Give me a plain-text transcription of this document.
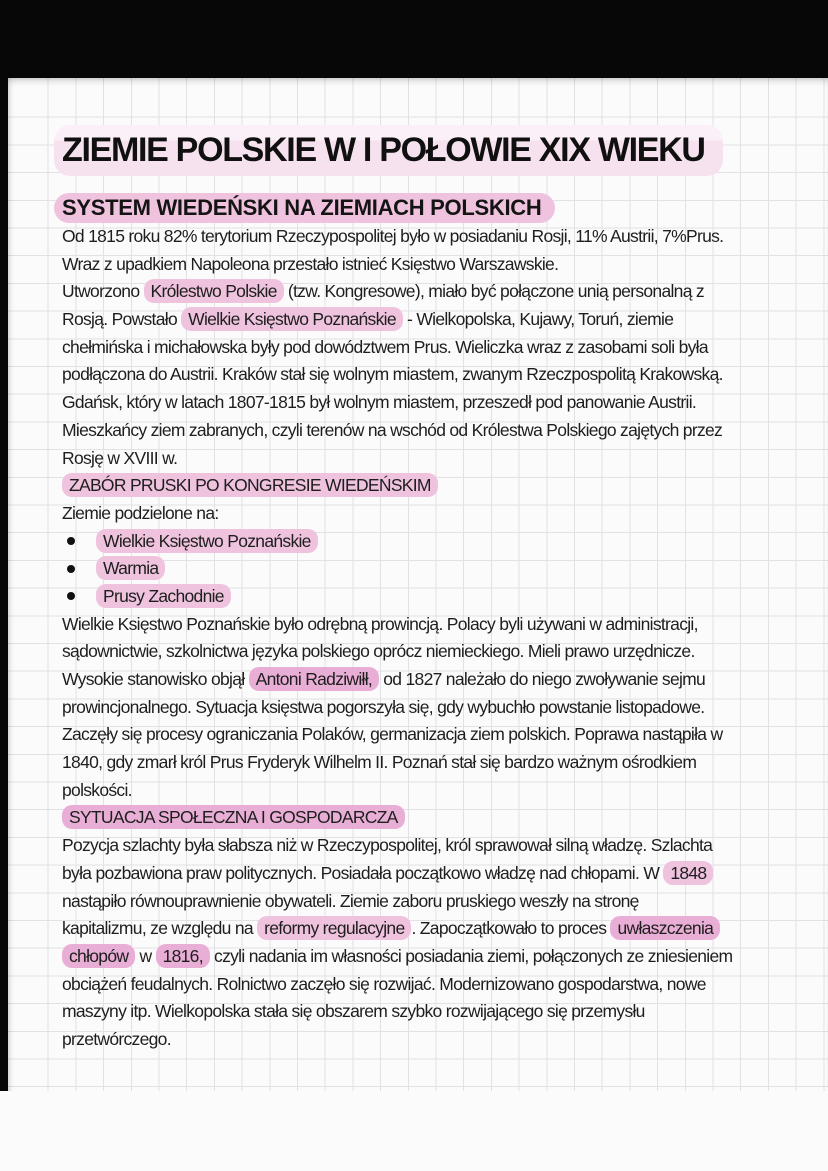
ZIEMIE POLSKIE W I POŁOWIE XIX WIEKU
SYSTEM WIEDEŃSKI NA ZIEMIACH POLSKICH
Od 1815 roku 82% terytorium Rzeczypospolitej było w posiadaniu Rosji, 11% Austrii, 7%Prus.
Wraz z upadkiem Napoleona przestało istnieć Księstwo Warszawskie.
Utworzono Królestwo Polskie (tzw. Kongresowe), miało być połączone unią personalną z
Rosją. Powstało Wielkie Księstwo Poznańskie - Wielkopolska, Kujawy, Toruń, ziemie
chełmińska i michałowska były pod dowództwem Prus. Wieliczka wraz z zasobami soli była
podłączona do Austrii. Kraków stał się wolnym miastem, zwanym Rzeczpospolitą Krakowską.
Gdańsk, który w latach 1807-1815 był wolnym miastem, przeszedł pod panowanie Austrii.
Mieszkańcy ziem zabranych, czyli terenów na wschód od Królestwa Polskiego zajętych przez
Rosję w XVIII w.
ZABÓR PRUSKI PO KONGRESIE WIEDEŃSKIM
Ziemie podzielone na:
Wielkie Księstwo Poznańskie
Warmia
Prusy Zachodnie
Wielkie Księstwo Poznańskie było odrębną prowincją. Polacy byli używani w administracji,
sądownictwie, szkolnictwa języka polskiego oprócz niemieckiego. Mieli prawo urzędnicze.
Wysokie stanowisko objął Antoni Radziwiłł, od 1827 należało do niego zwoływanie sejmu
prowincjonalnego. Sytuacja księstwa pogorszyła się, gdy wybuchło powstanie listopadowe.
Zaczęły się procesy ograniczania Polaków, germanizacja ziem polskich. Poprawa nastąpiła w
1840, gdy zmarł król Prus Fryderyk Wilhelm II. Poznań stał się bardzo ważnym ośrodkiem
polskości.
SYTUACJA SPOŁECZNA I GOSPODARCZA
Pozycja szlachty była słabsza niż w Rzeczypospolitej, król sprawował silną władzę. Szlachta
była pozbawiona praw politycznych. Posiadała początkowo władzę nad chłopami. W 1848
nastąpiło równouprawnienie obywateli. Ziemie zaboru pruskiego weszły na stronę
kapitalizmu, ze względu na reformy regulacyjne . Zapoczątkowało to proces uwłaszczenia
chłopów w 1816, czyli nadania im własności posiadania ziemi, połączonych ze zniesieniem
obciążeń feudalnych. Rolnictwo zaczęło się rozwijać. Modernizowano gospodarstwa, nowe
maszyny itp. Wielkopolska stała się obszarem szybko rozwijającego się przemysłu
przetwórczego.
